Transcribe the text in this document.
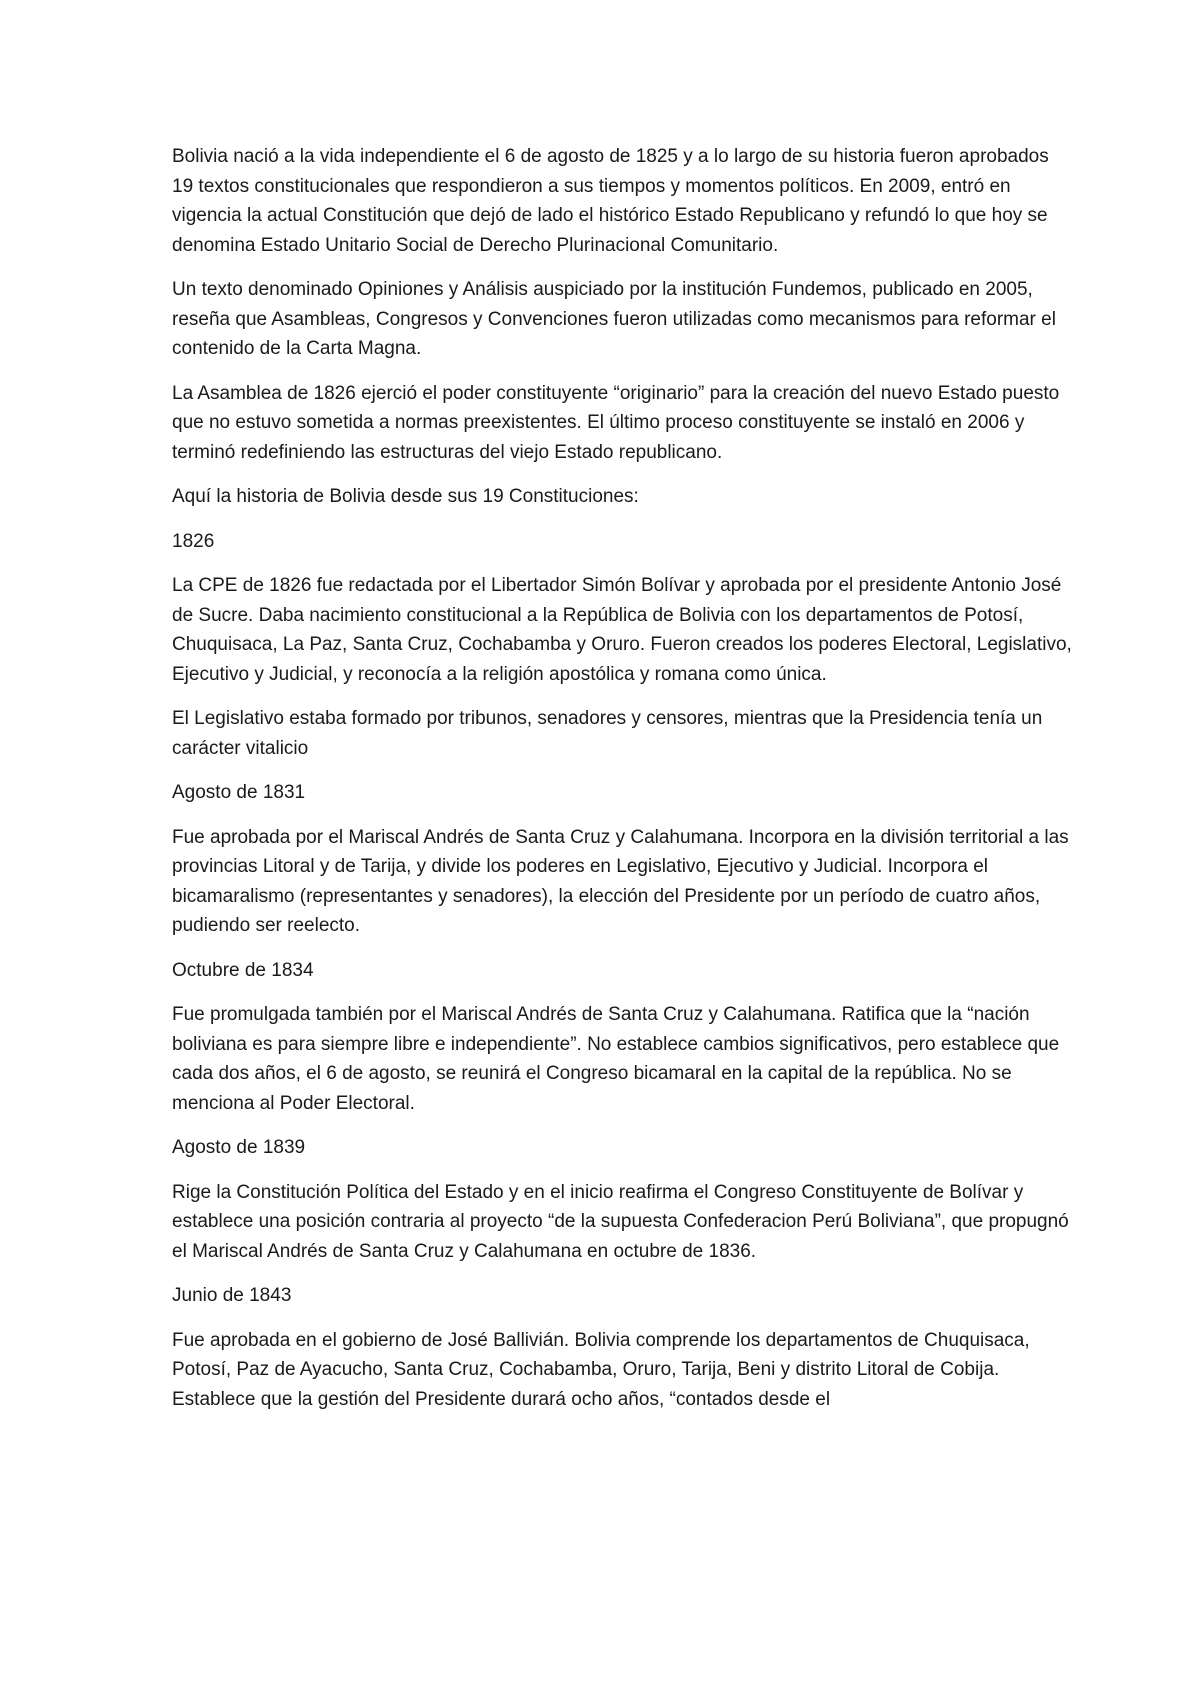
Bolivia nació a la vida independiente el 6 de agosto de 1825 y a lo largo de su historia fueron aprobados 19 textos constitucionales que respondieron a sus tiempos y momentos políticos. En 2009, entró en vigencia la actual Constitución que dejó de lado el histórico Estado Republicano y refundó lo que hoy se denomina Estado Unitario Social de Derecho Plurinacional Comunitario.

Un texto denominado Opiniones y Análisis auspiciado por la institución Fundemos, publicado en 2005, reseña que Asambleas, Congresos y Convenciones fueron utilizadas como mecanismos para reformar el contenido de la Carta Magna.

La Asamblea de 1826 ejerció el poder constituyente “originario” para la creación del nuevo Estado puesto que no estuvo sometida a normas preexistentes. El último proceso constituyente se instaló en 2006 y terminó redefiniendo las estructuras del viejo Estado republicano.

Aquí la historia de Bolivia desde sus 19 Constituciones:

1826

La CPE de 1826 fue redactada por el Libertador Simón Bolívar y aprobada por el presidente Antonio José de Sucre. Daba nacimiento constitucional a la República de Bolivia con los departamentos de Potosí, Chuquisaca, La Paz, Santa Cruz, Cochabamba y Oruro. Fueron creados los poderes Electoral, Legislativo, Ejecutivo y Judicial, y reconocía a la religión apostólica y romana como única.

El Legislativo estaba formado por tribunos, senadores y censores, mientras que la Presidencia tenía un carácter vitalicio

Agosto de 1831

Fue aprobada por el Mariscal Andrés de Santa Cruz y Calahumana. Incorpora en la división territorial a las provincias Litoral y de Tarija, y divide los poderes en Legislativo, Ejecutivo y Judicial. Incorpora el bicamaralismo (representantes y senadores), la elección del Presidente por un período de cuatro años, pudiendo ser reelecto.

Octubre de 1834

Fue promulgada también por el Mariscal Andrés de Santa Cruz y Calahumana. Ratifica que la “nación boliviana es para siempre libre e independiente”. No establece cambios significativos, pero establece que cada dos años, el 6 de agosto, se reunirá el Congreso bicamaral en la capital de la república. No se menciona al Poder Electoral.

Agosto de 1839

Rige la Constitución Política del Estado y en el inicio reafirma el Congreso Constituyente de Bolívar y establece una posición contraria al proyecto “de la supuesta Confederacion Perú Boliviana”, que propugnó el Mariscal Andrés de Santa Cruz y Calahumana en octubre de 1836.

Junio de 1843

Fue aprobada en el gobierno de José Ballivián. Bolivia comprende los departamentos de Chuquisaca, Potosí, Paz de Ayacucho, Santa Cruz, Cochabamba, Oruro, Tarija, Beni y distrito Litoral de Cobija. Establece que la gestión del Presidente durará ocho años, “contados desde el
